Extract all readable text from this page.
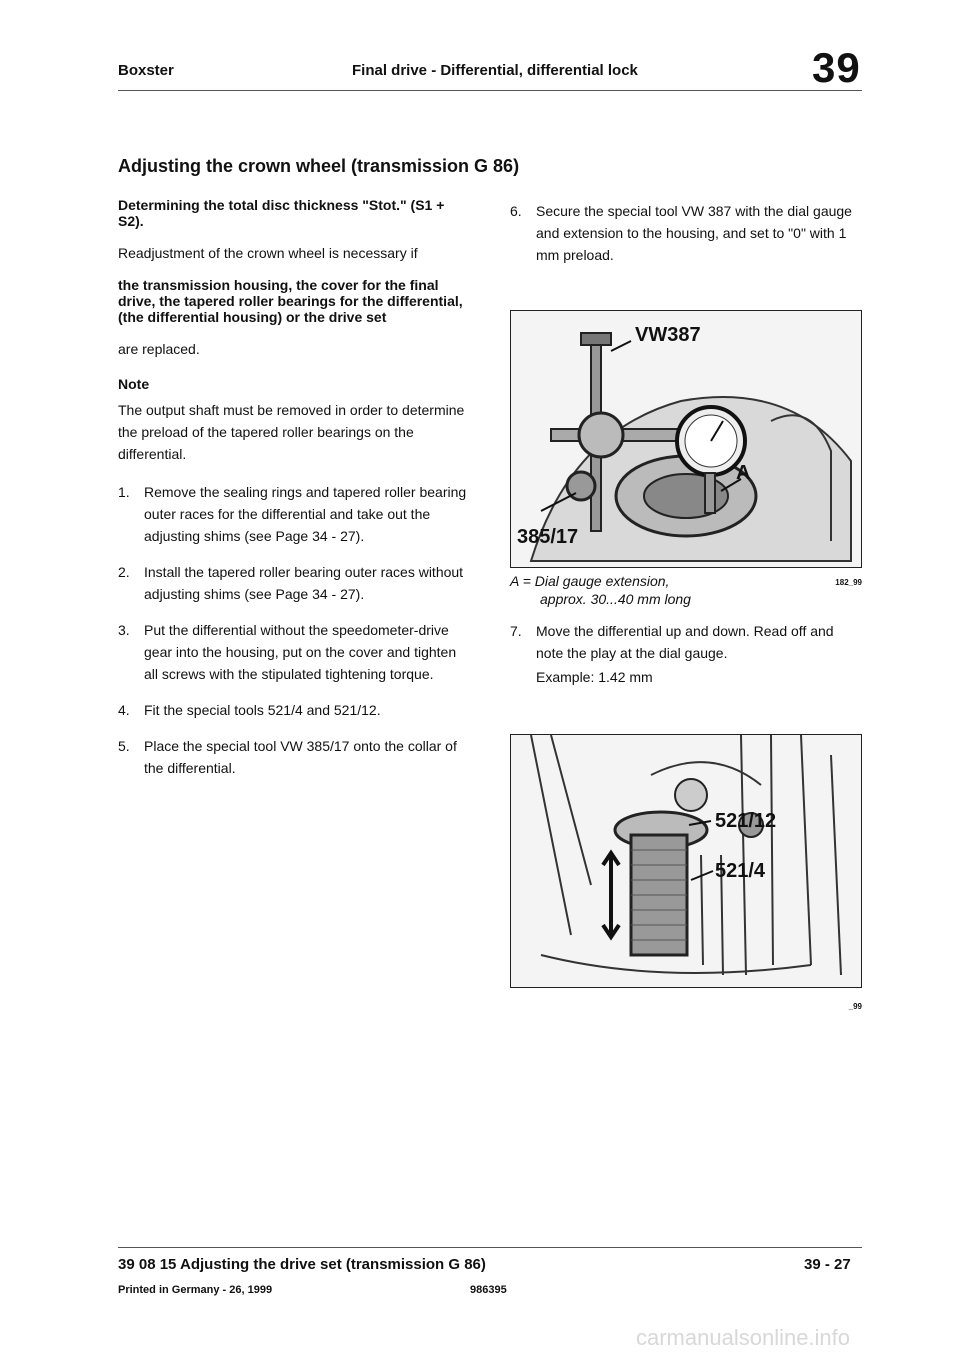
Boxster	Final drive - Differential, differential lock	39
Adjusting the crown wheel (transmission G 86)
Determining the total disc thickness "Stot." (S1 + S2).
Readjustment of the crown wheel is necessary if
the transmission housing, the cover for the final drive, the tapered roller bearings for the differential, (the differential housing) or the drive set
are replaced.
Note
The output shaft must be removed in order to determine the preload of the tapered roller bearings on the differential.
1.	Remove the sealing rings and tapered roller bearing outer races for the differential and take out the adjusting shims (see Page 34 - 27).
2.	Install the tapered roller bearing outer races without adjusting shims (see Page 34 - 27).
3.	Put the differential without the speedometer-drive gear into the housing, put on the cover and tighten all screws with the stipulated tightening torque.
4.	Fit the special tools 521/4 and 521/12.
5.	Place the special tool VW 385/17 onto the collar of the differential.
6.	Secure the special tool VW 387 with the dial gauge and extension to the housing, and set to "0" with 1 mm preload.
VW387
A
385/17
A = Dial gauge extension,
approx. 30...40 mm long
182_99
7.	Move the differential up and down. Read off and note the play at the dial gauge.
Example: 1.42 mm
521/12
521/4
_99
39 08 15 Adjusting the drive set (transmission G 86)	39 - 27
Printed in Germany - 26, 1999	986395
carmanualsonline.info
